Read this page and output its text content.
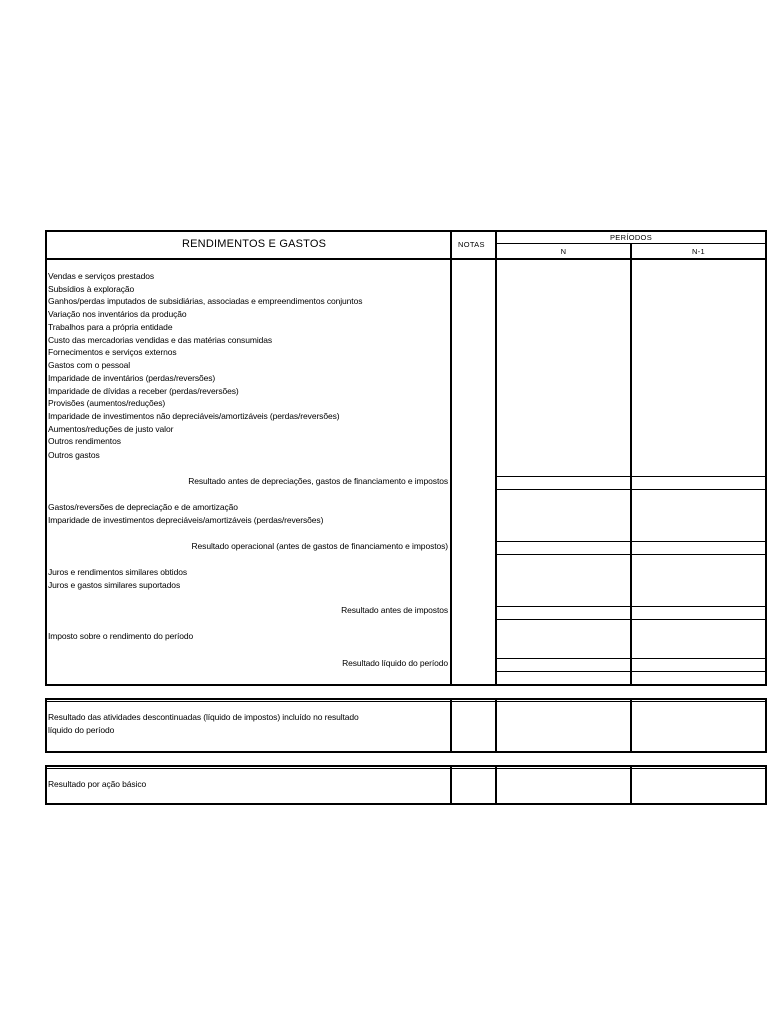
RENDIMENTOS E GASTOS	NOTAS
PERÍODOS
N	N-1
Vendas e serviços prestados
Subsídios à exploração
Ganhos/perdas imputados de subsidiárias, associadas e empreendimentos conjuntos
Variação nos inventários da produção
Trabalhos para a própria entidade
Custo das mercadorias vendidas e das matérias consumidas
Fornecimentos e serviços externos
Gastos com o pessoal
Imparidade de inventários (perdas/reversões)
Imparidade de dívidas a receber (perdas/reversões)
Provisões (aumentos/reduções)
Imparidade de investimentos não depreciáveis/amortizáveis (perdas/reversões)
Aumentos/reduções de justo valor
Outros rendimentos
Outros gastos
Resultado antes de depreciações, gastos de financiamento e impostos
Gastos/reversões de depreciação e de amortização
Imparidade de investimentos depreciáveis/amortizáveis (perdas/reversões)
Resultado operacional (antes de gastos de financiamento e impostos)
Juros e rendimentos similares obtidos
Juros e gastos similares suportados
Resultado antes de impostos
Imposto sobre o rendimento do período
Resultado líquido do período
Resultado das atividades descontinuadas (líquido de impostos) incluído no resultado
líquido do período
Resultado por ação básico
